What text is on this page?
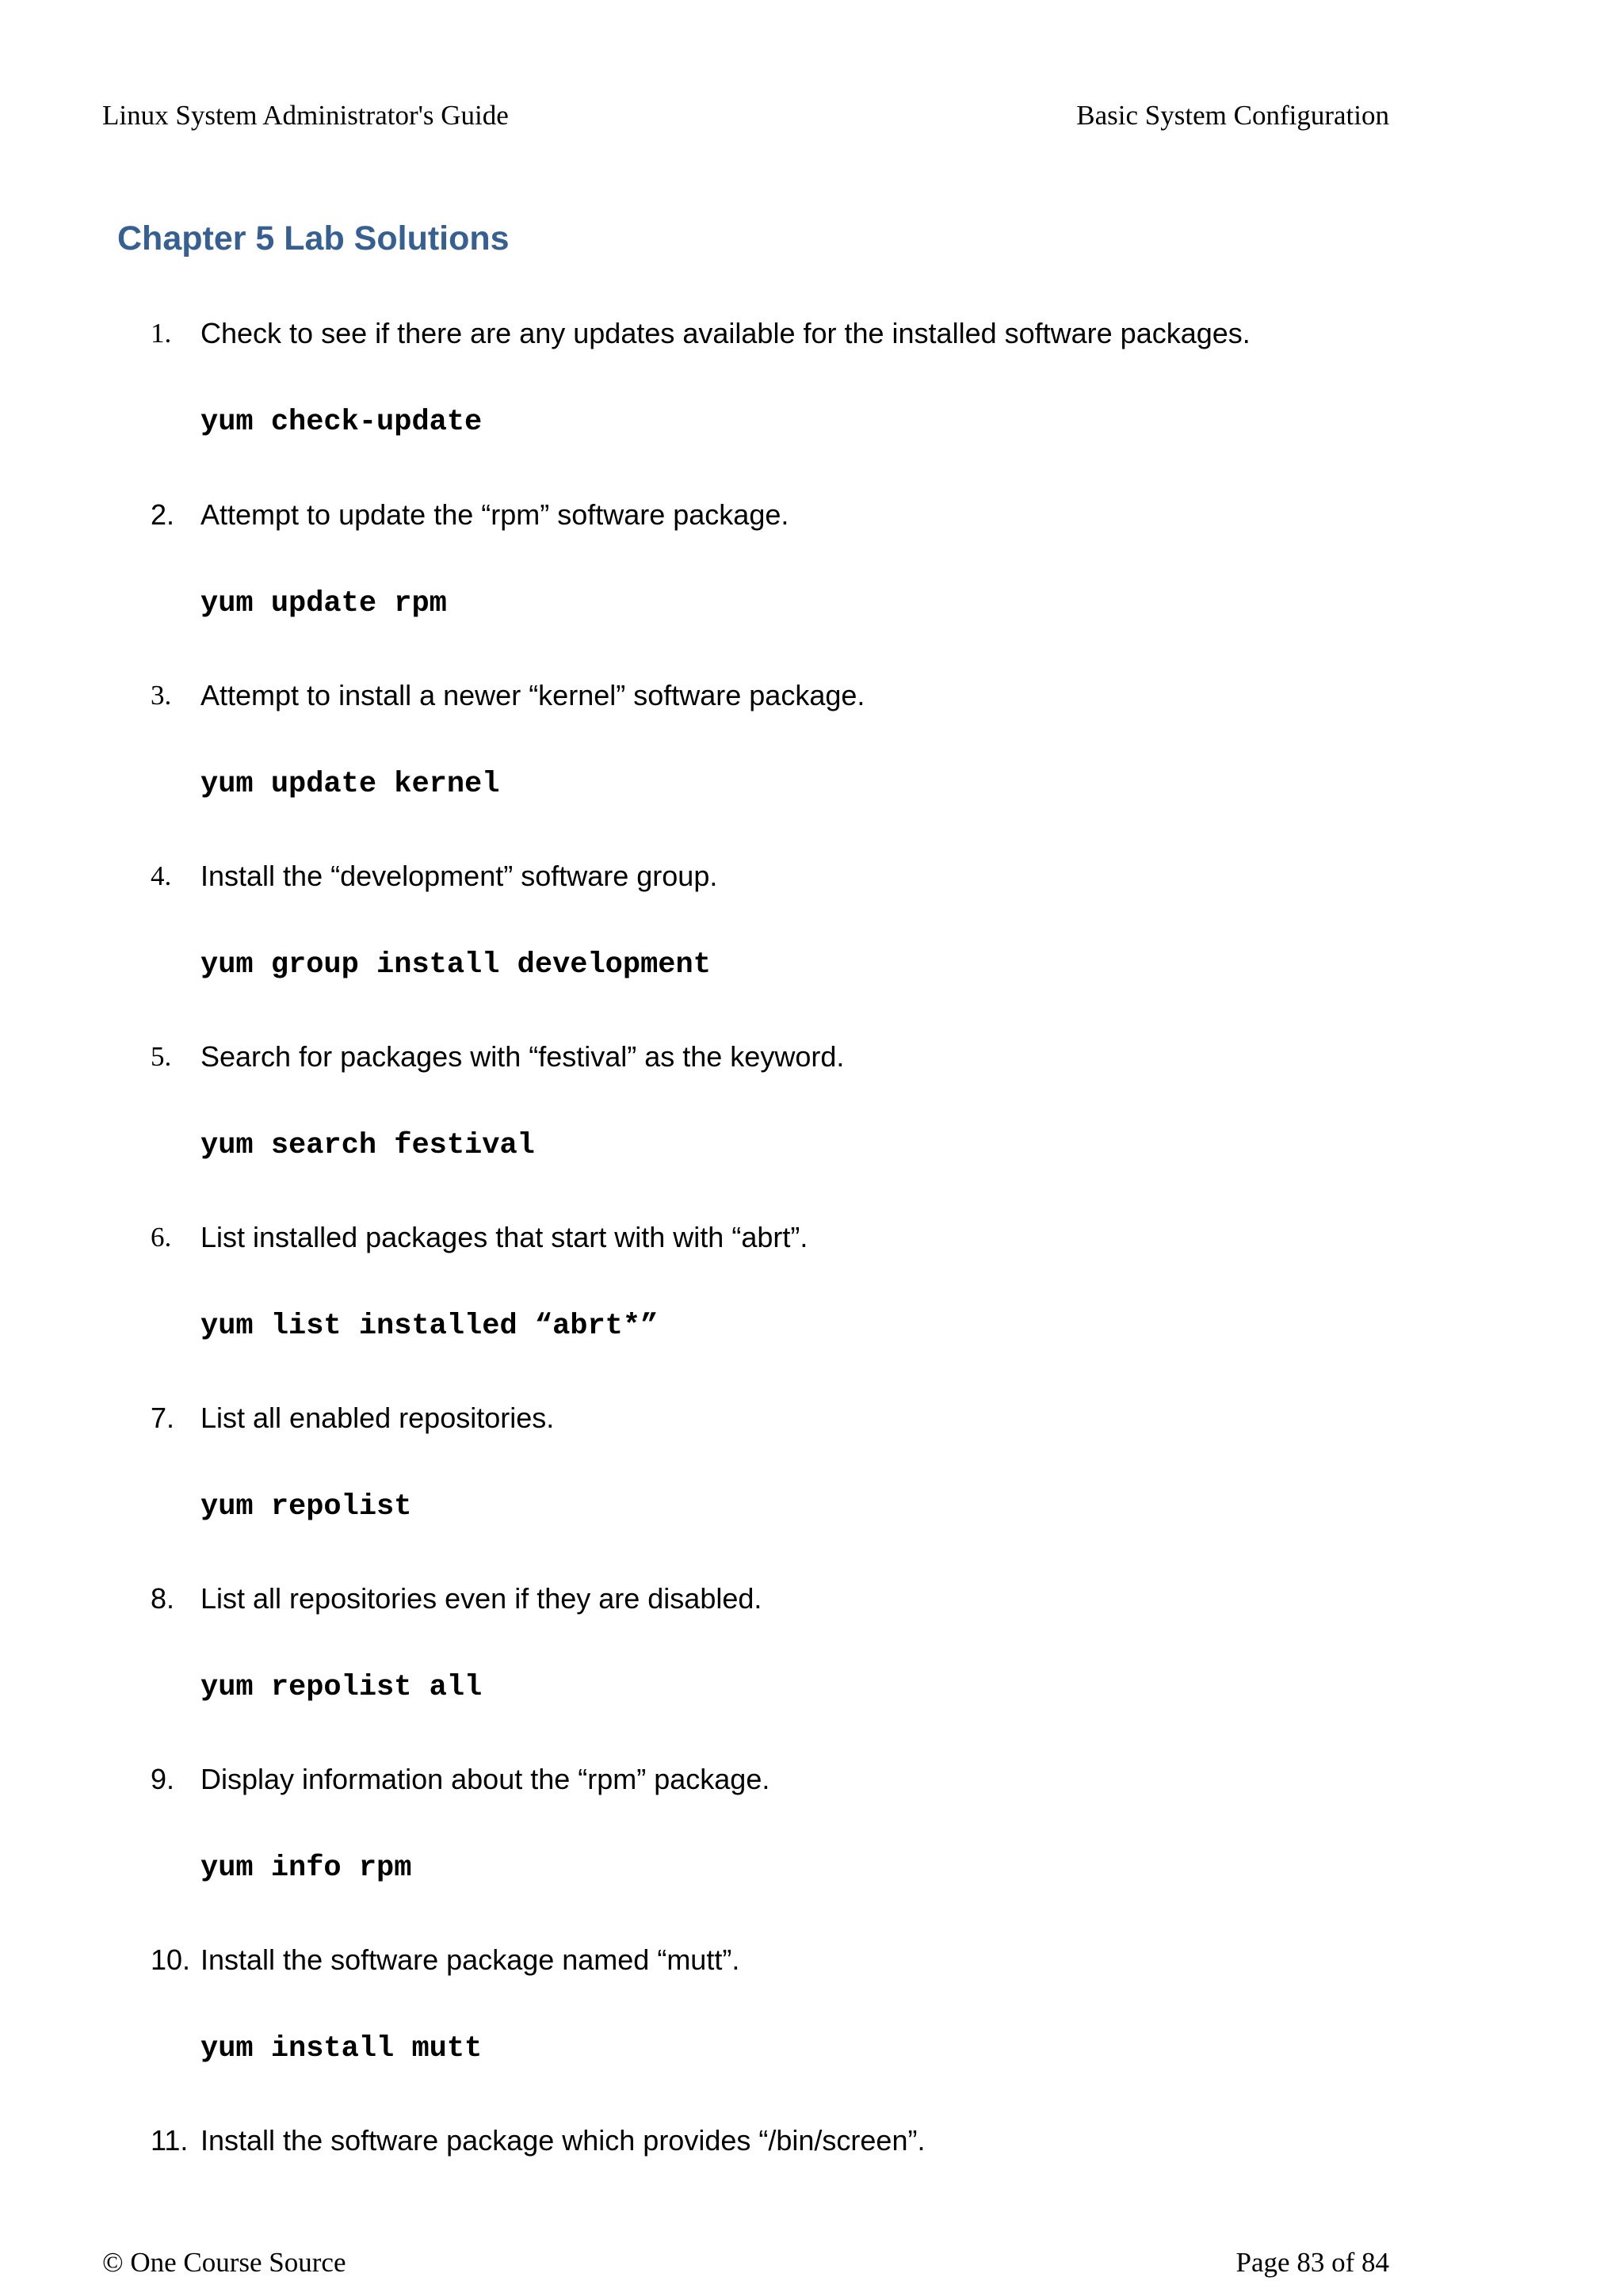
Linux System Administrator's Guide	Basic System Configuration
Chapter 5 Lab Solutions
1. Check to see if there are any updates available for the installed software packages.

yum check-update

2. Attempt to update the “rpm” software package.

yum update rpm

3. Attempt to install a newer “kernel” software package.

yum update kernel

4. Install the “development” software group.

yum group install development

5. Search for packages with “festival” as the keyword.

yum search festival

6. List installed packages that start with with “abrt”.

yum list installed “abrt*”

7. List all enabled repositories.

yum repolist

8. List all repositories even if they are disabled.

yum repolist all

9. Display information about the “rpm” package.

yum info rpm

10. Install the software package named “mutt”.

yum install mutt

11. Install the software package which provides “/bin/screen”.
© One Course Source	Page 83 of 84
